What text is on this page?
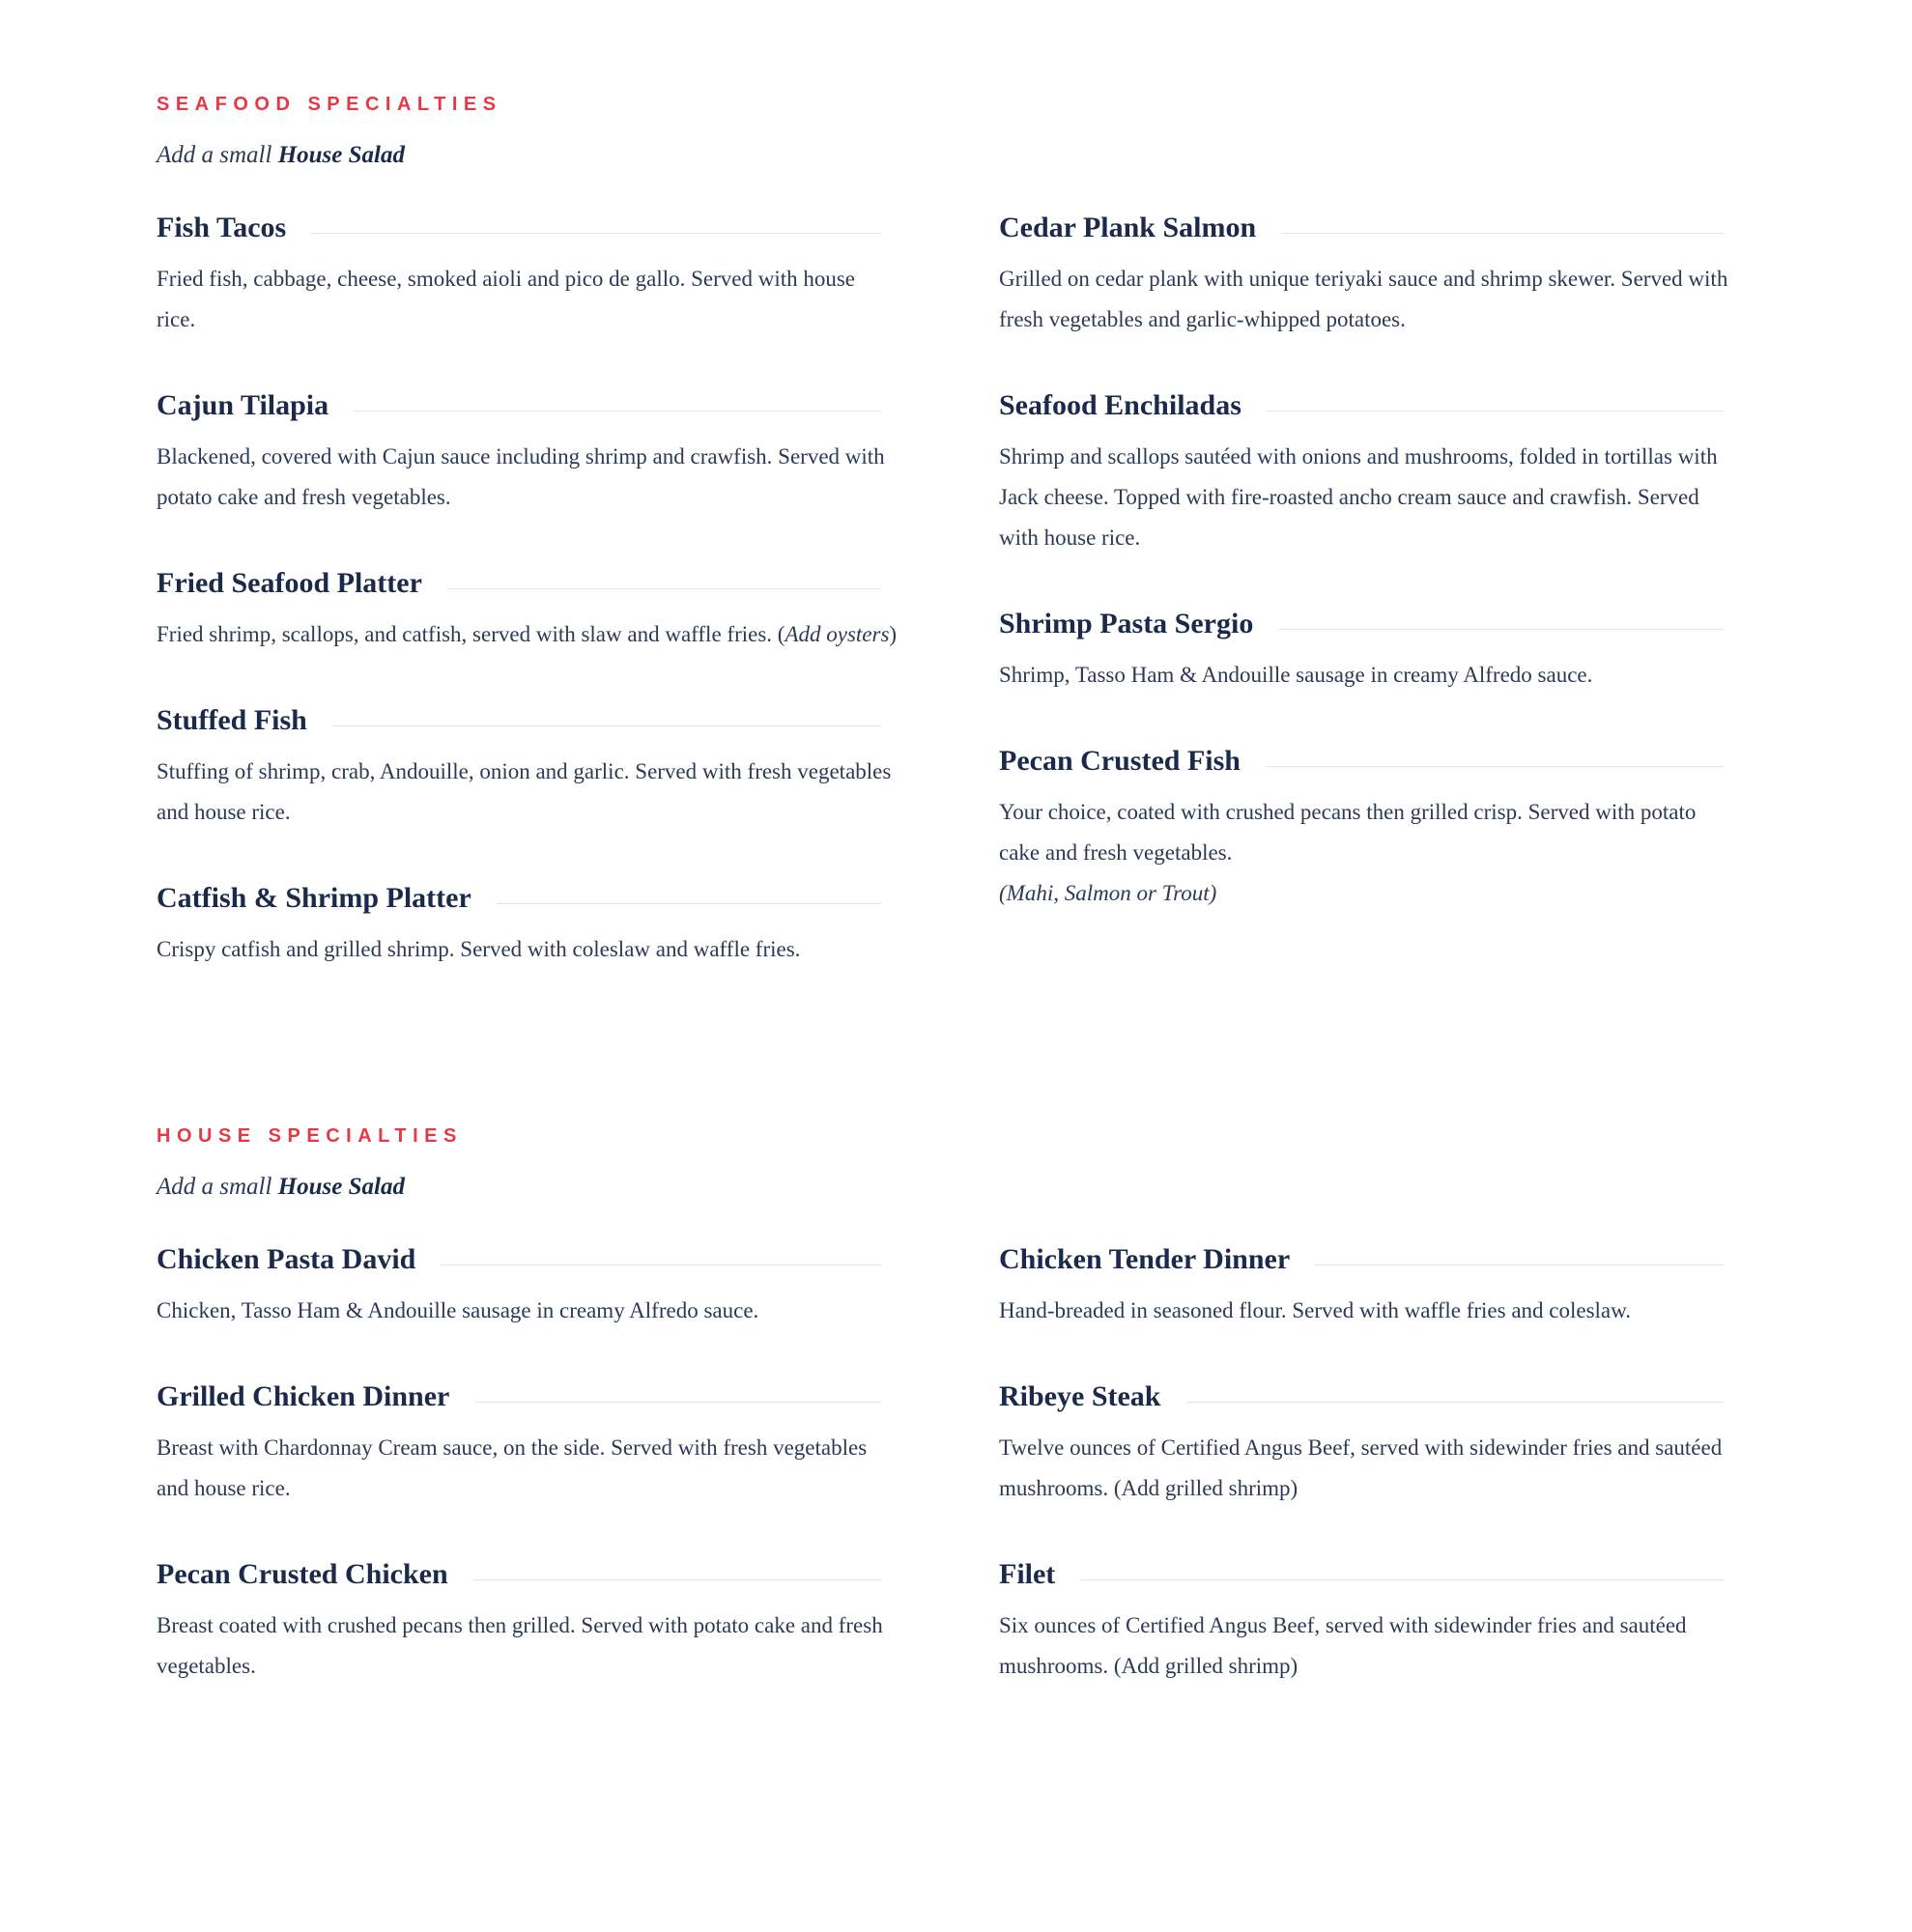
SEAFOOD SPECIALTIES
Add a small House Salad
Fish Tacos
Fried fish, cabbage, cheese, smoked aioli and pico de gallo. Served with house rice.
Cajun Tilapia
Blackened, covered with Cajun sauce including shrimp and crawfish. Served with potato cake and fresh vegetables.
Fried Seafood Platter
Fried shrimp, scallops, and catfish, served with slaw and waffle fries. (Add oysters)
Stuffed Fish
Stuffing of shrimp, crab, Andouille, onion and garlic. Served with fresh vegetables and house rice.
Catfish & Shrimp Platter
Crispy catfish and grilled shrimp. Served with coleslaw and waffle fries.
Cedar Plank Salmon
Grilled on cedar plank with unique teriyaki sauce and shrimp skewer. Served with fresh vegetables and garlic-whipped potatoes.
Seafood Enchiladas
Shrimp and scallops sautéed with onions and mushrooms, folded in tortillas with Jack cheese. Topped with fire-roasted ancho cream sauce and crawfish. Served with house rice.
Shrimp Pasta Sergio
Shrimp, Tasso Ham & Andouille sausage in creamy Alfredo sauce.
Pecan Crusted Fish
Your choice, coated with crushed pecans then grilled crisp. Served with potato cake and fresh vegetables.
(Mahi, Salmon or Trout)
HOUSE SPECIALTIES
Add a small House Salad
Chicken Pasta David
Chicken, Tasso Ham & Andouille sausage in creamy Alfredo sauce.
Grilled Chicken Dinner
Breast with Chardonnay Cream sauce, on the side. Served with fresh vegetables and house rice.
Pecan Crusted Chicken
Breast coated with crushed pecans then grilled. Served with potato cake and fresh vegetables.
Chicken Tender Dinner
Hand-breaded in seasoned flour. Served with waffle fries and coleslaw.
Ribeye Steak
Twelve ounces of Certified Angus Beef, served with sidewinder fries and sautéed mushrooms. (Add grilled shrimp)
Filet
Six ounces of Certified Angus Beef, served with sidewinder fries and sautéed mushrooms. (Add grilled shrimp)
